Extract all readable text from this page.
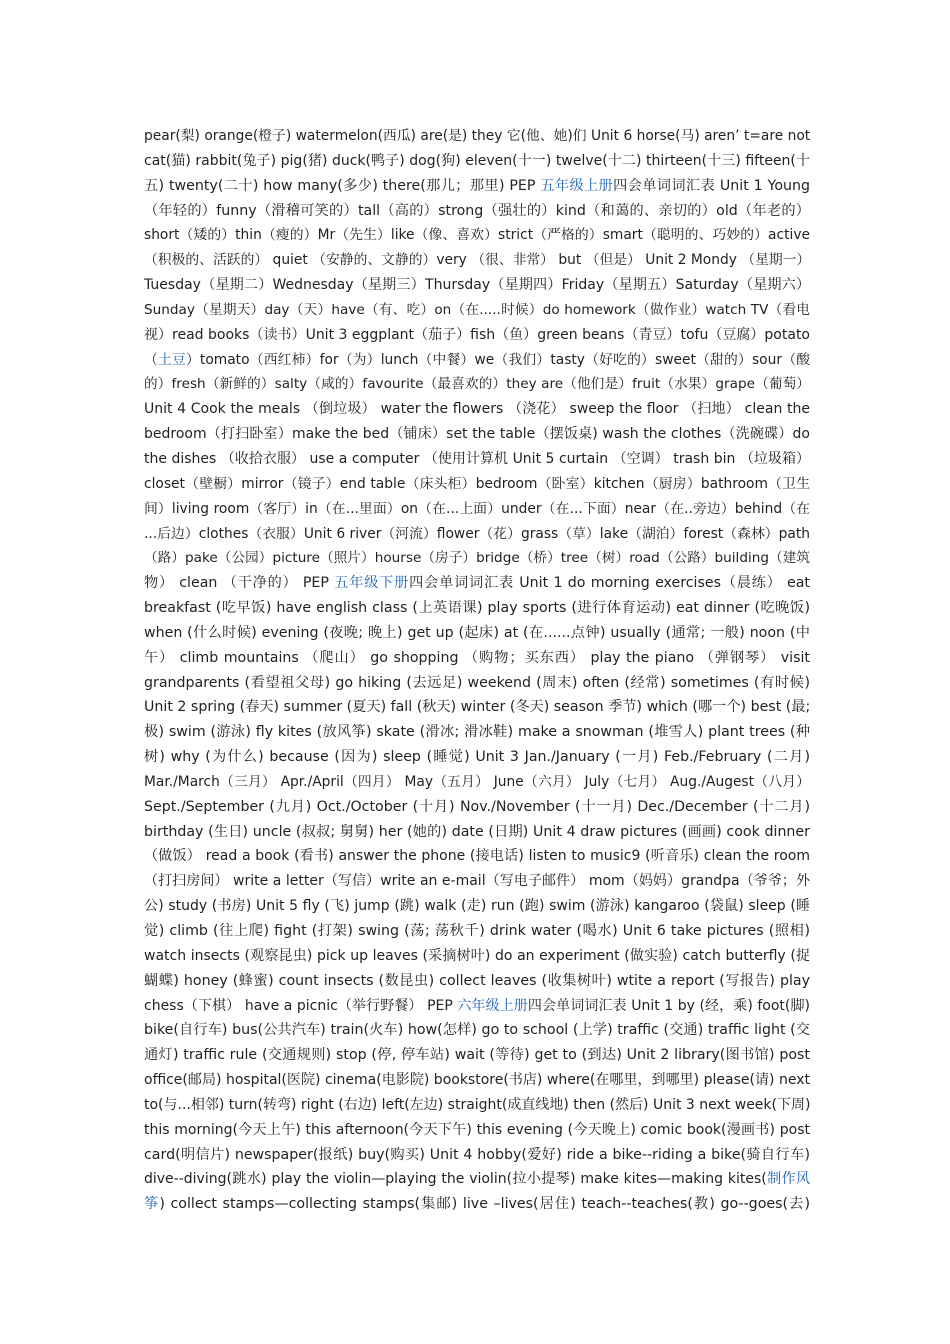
pear(梨) orange(橙子) watermelon(西瓜) are(是) they 它(他、她)们 Unit 6 horse(马) aren’ t=are not
cat(猫) rabbit(兔子) pig(猪) duck(鸭子) dog(狗) eleven(十一) twelve(十二) thirteen(十三) fifteen(十
五) twenty(二十) how many(多少) there(那儿；那里) PEP 五年级上册四会单词词汇表 Unit 1 Young
（年轻的）funny（滑稽可笑的）tall（高的）strong（强壮的）kind（和蔼的、亲切的）old（年老的）
short（矮的）thin（瘦的）Mr（先生）like（像、喜欢）strict（严格的）smart（聪明的、巧妙的）active
（积极的、活跃的） quiet （安静的、文静的）very （很、非常） but （但是） Unit 2 Mondy （星期一）
Tuesday（星期二）Wednesday（星期三）Thursday（星期四）Friday（星期五）Saturday（星期六）
Sunday（星期天）day（天）have（有、吃）on（在.....时候）do homework（做作业）watch TV（看电
视）read books（读书）Unit 3 eggplant（茄子）fish（鱼）green beans（青豆）tofu（豆腐）potato
（土豆）tomato（西红柿）for（为）lunch（中餐）we（我们）tasty（好吃的）sweet（甜的）sour（酸
的）fresh（新鲜的）salty（咸的）favourite（最喜欢的）they are（他们是）fruit（水果）grape（葡萄）
Unit 4 Cook the meals （倒垃圾） water the flowers （浇花） sweep the floor （扫地） clean the
bedroom（打扫卧室）make the bed（铺床）set the table（摆饭桌) wash the clothes（洗碗碟）do
the dishes （收拾衣服） use a computer （使用计算机 Unit 5 curtain （空调） trash bin （垃圾箱）
closet（壁橱）mirror（镜子）end table（床头柜）bedroom（卧室）kitchen（厨房）bathroom（卫生
间）living room（客厅）in（在...里面）on（在...上面）under（在...下面）near（在..旁边）behind（在
...后边）clothes（衣服）Unit 6 river（河流）flower（花）grass（草）lake（湖泊）forest（森林）path
（路）pake（公园）picture（照片）hourse（房子）bridge（桥）tree（树）road（公路）building（建筑
物） clean （干净的） PEP 五年级下册四会单词词汇表 Unit 1 do morning exercises（晨练） eat
breakfast (吃早饭) have english class (上英语课) play sports (进行体育运动) eat dinner (吃晚饭)
when (什么时候) evening (夜晚; 晚上) get up (起床) at (在......点钟) usually (通常; 一般) noon (中
午） climb mountains （爬山） go shopping （购物；买东西） play the piano （弹钢琴） visit
grandparents (看望祖父母) go hiking (去远足) weekend (周末) often (经常) sometimes (有时候)
Unit 2 spring (春天) summer (夏天) fall (秋天) winter (冬天) season 季节) which (哪一个) best (最;
极) swim (游泳) fly kites (放风筝) skate (滑冰; 滑冰鞋) make a snowman (堆雪人) plant trees (种
树) why (为什么) because (因为) sleep (睡觉) Unit 3 Jan./January (一月) Feb./February (二月)
Mar./March（三月） Apr./April（四月） May（五月） June（六月） July（七月） Aug./Augest（八月）
Sept./September (九月) Oct./October (十月) Nov./November (十一月) Dec./December (十二月)
birthday (生日) uncle (叔叔; 舅舅) her (她的) date (日期) Unit 4 draw pictures (画画) cook dinner
（做饭） read a book (看书) answer the phone (接电话) listen to music9 (听音乐) clean the room
（打扫房间） write a letter（写信）write an e-mail（写电子邮件） mom（妈妈）grandpa（爷爷；外
公) study (书房) Unit 5 fly (飞) jump (跳) walk (走) run (跑) swim (游泳) kangaroo (袋鼠) sleep (睡
觉) climb (往上爬) fight (打架) swing (荡; 荡秋千) drink water (喝水) Unit 6 take pictures (照相)
watch insects (观察昆虫) pick up leaves (采摘树叶) do an experiment (做实验) catch butterfly (捉
蝴蝶) honey (蜂蜜) count insects (数昆虫) collect leaves (收集树叶) wtite a report (写报告) play
chess（下棋） have a picnic（举行野餐） PEP 六年级上册四会单词词汇表 Unit 1 by (经，乘) foot(脚)
bike(自行车) bus(公共汽车) train(火车) how(怎样) go to school (上学) traffic (交通) traffic light (交
通灯) traffic rule (交通规则) stop (停, 停车站) wait (等待) get to (到达) Unit 2 library(图书馆) post
office(邮局) hospital(医院) cinema(电影院) bookstore(书店) where(在哪里，到哪里) please(请) next
to(与...相邻) turn(转弯) right (右边) left(左边) straight(成直线地) then (然后) Unit 3 next week(下周)
this morning(今天上午) this afternoon(今天下午) this evening (今天晚上) comic book(漫画书) post
card(明信片) newspaper(报纸) buy(购买) Unit 4 hobby(爱好) ride a bike--riding a bike(骑自行车)
dive--diving(跳水) play the violin—playing the violin(拉小提琴) make kites—making kites(制作风
筝) collect stamps—collecting stamps(集邮) live –lives(居住) teach--teaches(教) go--goes(去)
